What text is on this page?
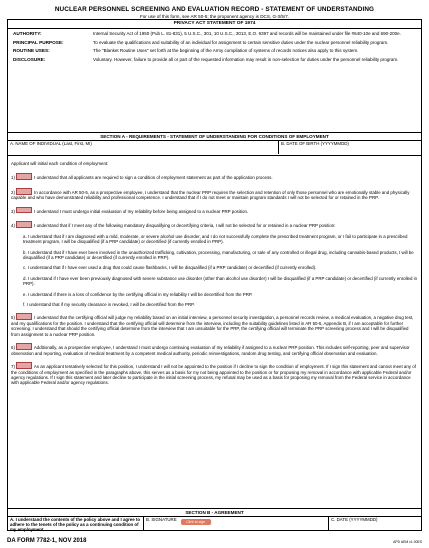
NUCLEAR PERSONNEL SCREENING AND EVALUATION RECORD - STATEMENT OF UNDERSTANDING
For use of this form, see AR 50-5; the proponent agency is DCS, G-3/5/7.
PRIVACY ACT STATEMENT OF 1974
AUTHORITY:	Internal Security Act of 1950 (Pub L. 81-831), 5 U.S.C., 301, 10 U.S.C., 3013, E.O. 9397 and records will be maintained under file #640-10e and 690-200e.
PRINCIPAL PURPOSE:	To evaluate the qualifications and suitability of an individual for assignment to certain sensitive duties under the nuclear personnel reliability program.
ROUTINE USES:	The "Blanket Routine Uses" set forth at the beginning of the Army compilation of systems of records notices also apply to this system.
DISCLOSURE:	Voluntary. However, failure to provide all or part of the requested information may result in non-selection for duties under the personnel reliability program.
SECTION A - REQUIREMENTS - STATEMENT OF UNDERSTANDING FOR CONDITIONS OF EMPLOYMENT
A. NAME OF INDIVIDUAL (Last, First, MI)	B. DATE OF BIRTH (YYYYMMDD)

Applicant will initial each condition of employment:

1)	I understand that all applicants are required to sign a condition of employment statement as part of the application process.

2)	In accordance with AR 50-5, as a prospective employee, I understand that the nuclear PRP requires the selection and retention of only those personnel who are emotionally stable and physically capable and who have demonstrated reliability and professional competence. I understand that if I do not meet or maintain program standards I will not be selected for or retained in the PRP.

3)	I understand I must undergo initial evaluation of my reliability before being assigned to a nuclear PRP position.

4)	I understand that if I meet any of the following mandatory disqualifying or decertifying criteria, I will not be selected for or retained in a nuclear PRP position:

a. I understand that if I am diagnosed with a mild, moderate, or severe alcohol use disorder, and I do not successfully complete the prescribed treatment program, or I fail to participate in a prescribed treatment program, I will be disqualified (if a PRP candidate) or decertified (if currently enrolled in PRP).

b. I understand that if I have ever been involved in the unauthorized trafficking, cultivation, processing, manufacturing, or sale of any controlled or illegal drug, including cannabis-based products, I will be disqualified (if a PRP candidate) or decertified (if currently enrolled in PRP).

c. I understand that if I have ever used a drug that could cause flashbacks, I will be disqualified (if a PRP candidate) or decertified (if currently enrolled).

d. I understand if I have ever been previously diagnosed with severe substance use disorder (other than alcohol use disorder) I will be disqualified (if a PRP candidate) or decertified (if currently enrolled in PRP).

e. I understand if there is a loss of confidence by the certifying official in my reliability I will be decertified from the PRP.

f. I understand that if my security clearance is revoked, I will be decertified from the PRP.

5)	I understand that the certifying official will judge my reliability based on an initial interview, a personnel security investigation, a personnel records review, a medical evaluation, a negative drug test, and my qualifications for the position. I understand that the certifying official will determine from the interview, including the suitability guidelines listed in AR 50-5, Appendix B, if I am acceptable for further screening. I understand that should the certifying official determine from the interview that I am unsuitable for the PRP, the certifying official will terminate the PRP screening process and I will be disqualified from assignment to a nuclear PRP position.

6)	Additionally, as a prospective employee, I understand I must undergo continuing evaluation of my reliability if assigned to a nuclear PRP position. This includes self-reporting, peer and supervisor observation and reporting, evaluation of medical treatment by a competent medical authority, periodic reinvestigations, random drug testing, and certifying official observation and evaluation.

7)	As an applicant tentatively selected for this position, I understand I will not be appointed to the position if I decline to sign the condition of employment. If I sign this statement and cannot meet any of the conditions of employment as specified in the paragraphs above, this serves as a basis for my not being appointed to the position or for proposing my removal in accordance with applicable Federal and/or agency regulations. If I sign this statement and later decline to participate in the initial screening process, my refusal may be used as a basis for proposing my removal from the Federal service in accordance with applicable Federal and/or agency regulations.

SECTION B - AGREEMENT
A. I understand the contents of the policy above and I agree to adhere to the tenets of the policy as a continuing condition of my employment.
B. SIGNATURE	Click to sign	C. DATE (YYYYMMDD)
DA FORM 7782-1, NOV 2018	APD AEM v1.00ES
